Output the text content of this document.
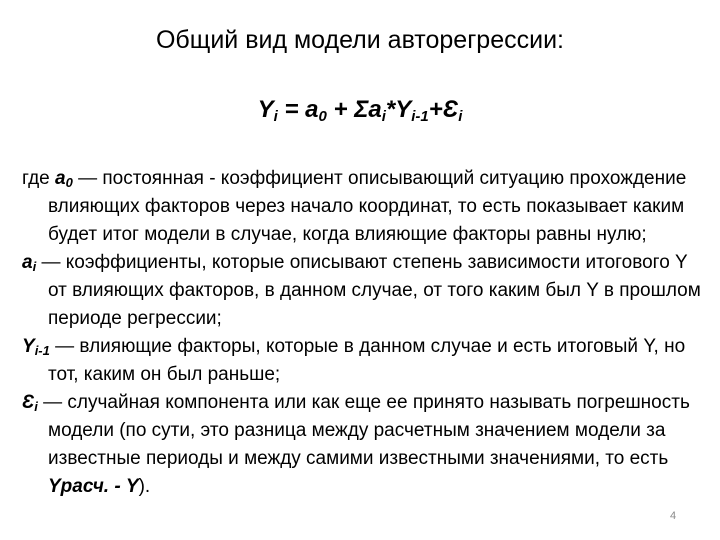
Общий вид модели авторегрессии:
$Y_i = a_0$ + $\Sigma a_i*Y_{i-1}+Ɛ_i$

где $a_0$ — постоянная - коэффициент описывающий ситуацию прохождение влияющих факторов через начало координат, то есть показывает каким будет итог модели в случае, когда влияющие факторы равны нулю;

$a_i$ — коэффициенты, которые описывают степень зависимости итогового Y от влияющих факторов, в данном случае, от того каким был Y в прошлом периоде регрессии;

$Y_{i-1}$ — влияющие факторы, которые в данном случае и есть итоговый Y, но тот, каким он был раньше;

$Ɛ_i$ — случайная компонента или как еще ее принято называть погрешность модели (по сути, это разница между расчетным значением модели за известные периоды и между самими известными значениями, то есть Yрасч. - Y).

4
